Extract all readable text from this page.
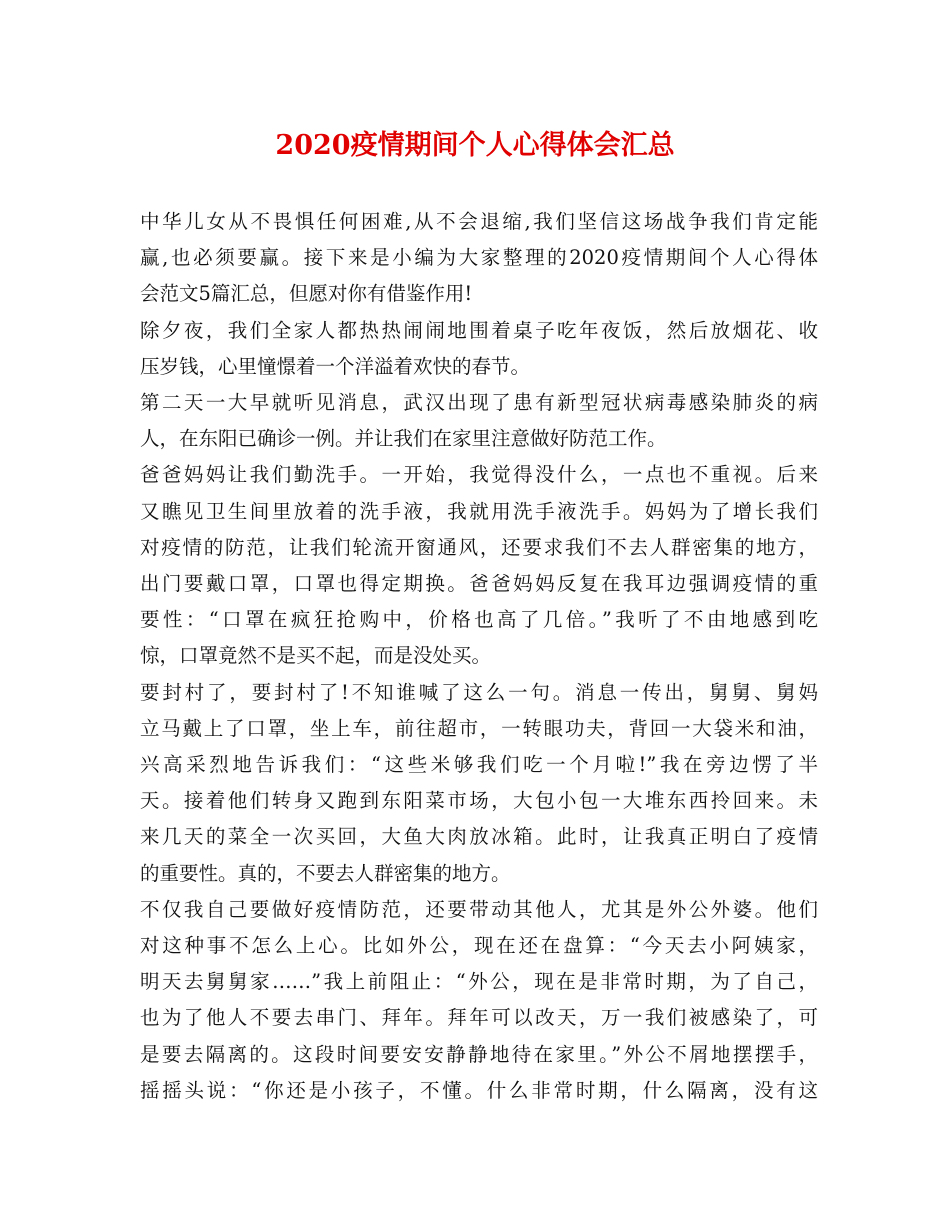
2020疫情期间个人心得体会汇总
中华儿女从不畏惧任何困难,从不会退缩,我们坚信这场战争我们肯定能
赢,也必须要赢。接下来是小编为大家整理的2020疫情期间个人心得体
会范文5篇汇总，但愿对你有借鉴作用!
除夕夜，我们全家人都热热闹闹地围着桌子吃年夜饭，然后放烟花、收
压岁钱，心里憧憬着一个洋溢着欢快的春节。
第二天一大早就听见消息，武汉出现了患有新型冠状病毒感染肺炎的病
人，在东阳已确诊一例。并让我们在家里注意做好防范工作。
爸爸妈妈让我们勤洗手。一开始，我觉得没什么，一点也不重视。后来
又瞧见卫生间里放着的洗手液，我就用洗手液洗手。妈妈为了增长我们
对疫情的防范，让我们轮流开窗通风，还要求我们不去人群密集的地方，
出门要戴口罩，口罩也得定期换。爸爸妈妈反复在我耳边强调疫情的重
要性：“口罩在疯狂抢购中，价格也高了几倍。”我听了不由地感到吃
惊，口罩竟然不是买不起，而是没处买。
要封村了，要封村了!不知谁喊了这么一句。消息一传出，舅舅、舅妈
立马戴上了口罩，坐上车，前往超市，一转眼功夫，背回一大袋米和油，
兴高采烈地告诉我们：“这些米够我们吃一个月啦!”我在旁边愣了半
天。接着他们转身又跑到东阳菜市场，大包小包一大堆东西拎回来。未
来几天的菜全一次买回，大鱼大肉放冰箱。此时，让我真正明白了疫情
的重要性。真的，不要去人群密集的地方。
不仅我自己要做好疫情防范，还要带动其他人，尤其是外公外婆。他们
对这种事不怎么上心。比如外公，现在还在盘算：“今天去小阿姨家，
明天去舅舅家……”我上前阻止：“外公，现在是非常时期，为了自己，
也为了他人不要去串门、拜年。拜年可以改天，万一我们被感染了，可
是要去隔离的。这段时间要安安静静地待在家里。”外公不屑地摆摆手，
摇摇头说：“你还是小孩子，不懂。什么非常时期，什么隔离，没有这
